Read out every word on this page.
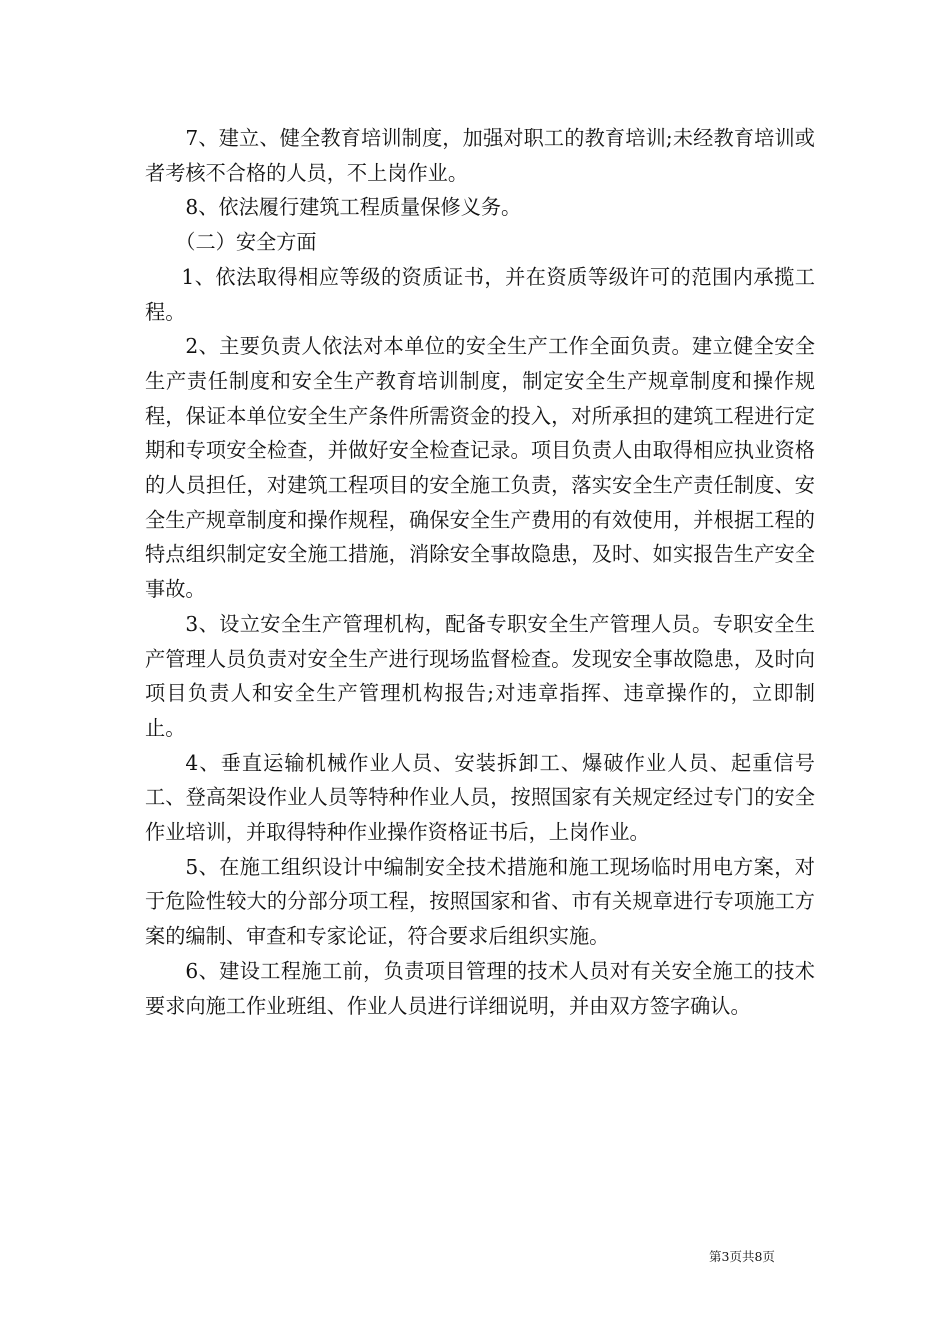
7、建立、健全教育培训制度，加强对职工的教育培训;未经教育培训或者考核不合格的人员，不上岗作业。

8、依法履行建筑工程质量保修义务。

（二）安全方面

1、依法取得相应等级的资质证书，并在资质等级许可的范围内承揽工程。

2、主要负责人依法对本单位的安全生产工作全面负责。建立健全安全生产责任制度和安全生产教育培训制度，制定安全生产规章制度和操作规程，保证本单位安全生产条件所需资金的投入，对所承担的建筑工程进行定期和专项安全检查，并做好安全检查记录。项目负责人由取得相应执业资格的人员担任，对建筑工程项目的安全施工负责，落实安全生产责任制度、安全生产规章制度和操作规程，确保安全生产费用的有效使用，并根据工程的特点组织制定安全施工措施，消除安全事故隐患，及时、如实报告生产安全事故。

3、设立安全生产管理机构，配备专职安全生产管理人员。专职安全生产管理人员负责对安全生产进行现场监督检查。发现安全事故隐患，及时向项目负责人和安全生产管理机构报告;对违章指挥、违章操作的，立即制止。

4、垂直运输机械作业人员、安装拆卸工、爆破作业人员、起重信号工、登高架设作业人员等特种作业人员，按照国家有关规定经过专门的安全作业培训，并取得特种作业操作资格证书后，上岗作业。

5、在施工组织设计中编制安全技术措施和施工现场临时用电方案，对于危险性较大的分部分项工程，按照国家和省、市有关规章进行专项施工方案的编制、审查和专家论证，符合要求后组织实施。

6、建设工程施工前，负责项目管理的技术人员对有关安全施工的技术要求向施工作业班组、作业人员进行详细说明，并由双方签字确认。

第3页共8页
